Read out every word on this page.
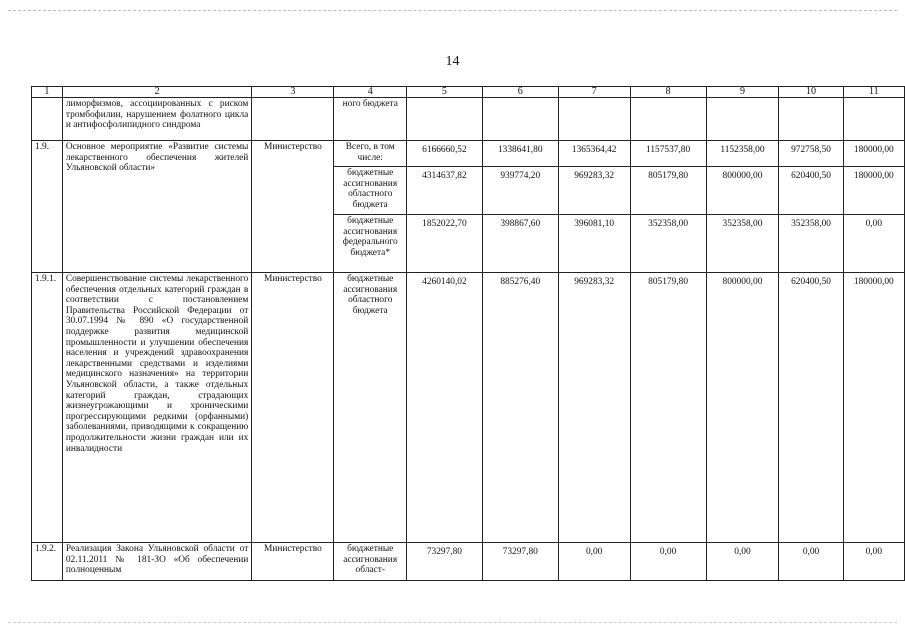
14
1	2	3	4	5	6	7	8	9	10	11
	лиморфизмов, ассоциированных с риском тромбофилии, нарушением фолатного цикла и антифосфолипидного синдрома		ного бюджета							
1.9.	Основное мероприятие «Развитие системы лекарственного обеспечения жителей Ульяновской области»	Министерство	Всего, в том числе:	6166660,52	1338641,80	1365364,42	1157537,80	1152358,00	972758,50	180000,00
			бюджетные ассигнования областного бюджета	4314637,82	939774,20	969283,32	805179,80	800000,00	620400,50	180000,00
			бюджетные ассигнования федерального бюджета*	1852022,70	398867,60	396081,10	352358,00	352358,00	352358,00	0,00
1.9.1.	Совершенствование системы лекарственного обеспечения отдельных категорий граждан в соответствии с постановлением Правительства Российской Федерации от 30.07.1994 № 890 «О государственной поддержке развития медицинской промышленности и улучшении обеспечения населения и учреждений здравоохранения лекарственными средствами и изделиями медицинского назначения» на территории Ульяновской области, а также отдельных категорий граждан, страдающих жизнеугрожающими и хроническими прогрессирующими редкими (орфанными) заболеваниями, приводящими к сокращению продолжительности жизни граждан или их инвалидности	Министерство	бюджетные ассигнования областного бюджета	4260140,02	885276,40	969283,32	805179,80	800000,00	620400,50	180000,00
1.9.2.	Реализация Закона Ульяновской области от 02.11.2011 № 181-ЗО «Об обеспечении полноценным	Министерство	бюджетные ассигнования област-	73297,80	73297,80	0,00	0,00	0,00	0,00	0,00
